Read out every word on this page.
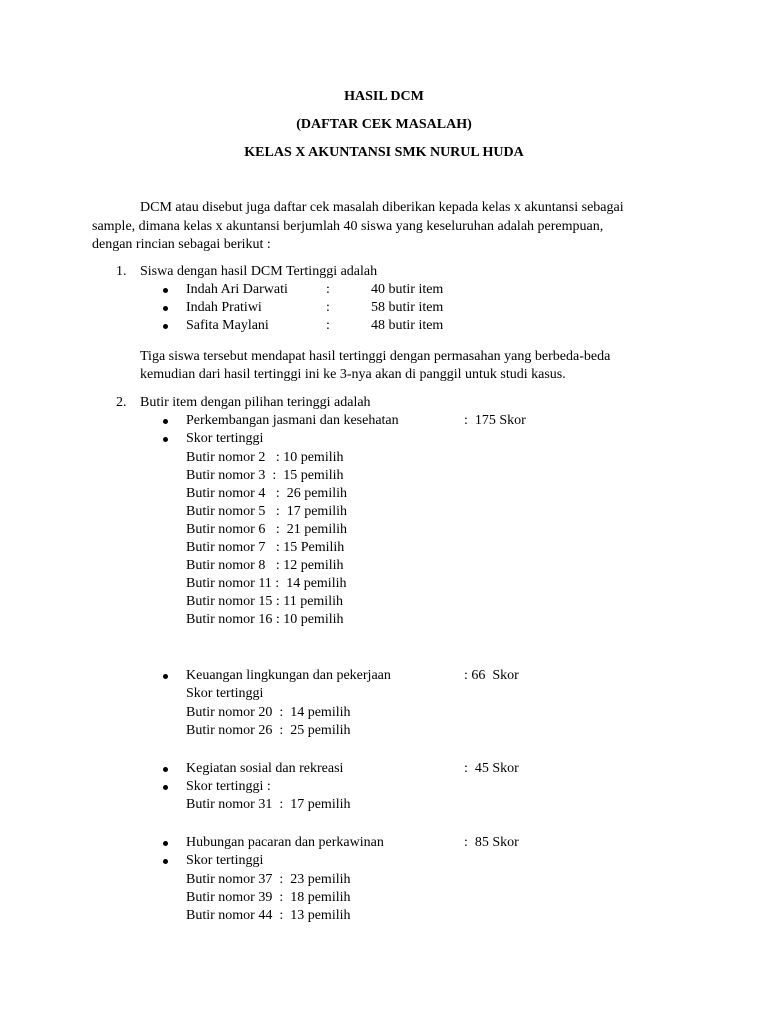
HASIL DCM
(DAFTAR CEK MASALAH)
KELAS X AKUNTANSI SMK NURUL HUDA
DCM atau disebut juga daftar cek masalah diberikan kepada kelas x akuntansi sebagai
sample, dimana kelas x akuntansi berjumlah 40 siswa yang keseluruhan adalah perempuan,
dengan rincian sebagai berikut :
1. Siswa dengan hasil DCM Tertinggi adalah
Indah Ari Darwati	:	40 butir item
Indah Pratiwi	:	58 butir item
Safita Maylani	:	48 butir item
Tiga siswa tersebut mendapat hasil tertinggi dengan permasahan yang berbeda-beda
kemudian dari hasil tertinggi ini ke 3-nya akan di panggil untuk studi kasus.
2. Butir item dengan pilihan teringgi adalah
Perkembangan jasmani dan kesehatan	:  175 Skor
Skor tertinggi
Butir nomor 2   : 10 pemilih
Butir nomor 3  :  15 pemilih
Butir nomor 4   :  26 pemilih
Butir nomor 5   :  17 pemilih
Butir nomor 6   :  21 pemilih
Butir nomor 7   : 15 Pemilih
Butir nomor 8   : 12 pemilih
Butir nomor 11 :  14 pemilih
Butir nomor 15 : 11 pemilih
Butir nomor 16 : 10 pemilih
Keuangan lingkungan dan pekerjaan	: 66  Skor
Skor tertinggi
Butir nomor 20  :  14 pemilih
Butir nomor 26  :  25 pemilih
Kegiatan sosial dan rekreasi	:  45 Skor
Skor tertinggi :
Butir nomor 31  :  17 pemilih
Hubungan pacaran dan perkawinan	:  85 Skor
Skor tertinggi
Butir nomor 37  :  23 pemilih
Butir nomor 39  :  18 pemilih
Butir nomor 44  :  13 pemilih
